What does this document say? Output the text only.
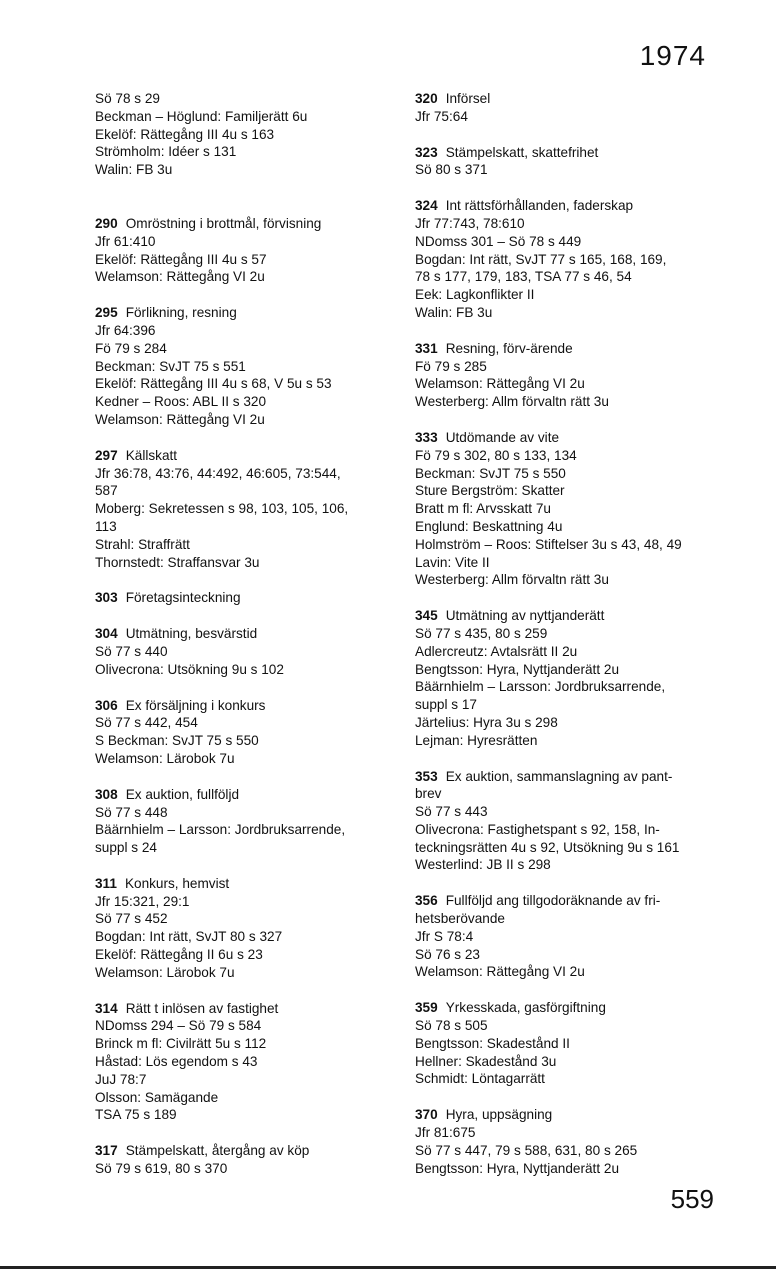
1974
Sö 78 s 29
Beckman – Höglund: Familjerätt 6u
Ekelöf: Rättegång III 4u s 163
Strömholm: Idéer s 131
Walin: FB 3u
290 Omröstning i brottmål, förvisning
Jfr 61:410
Ekelöf: Rättegång III 4u s 57
Welamson: Rättegång VI 2u
295 Förlikning, resning
Jfr 64:396
Fö 79 s 284
Beckman: SvJT 75 s 551
Ekelöf: Rättegång III 4u s 68, V 5u s 53
Kedner – Roos: ABL II s 320
Welamson: Rättegång VI 2u
297 Källskatt
Jfr 36:78, 43:76, 44:492, 46:605, 73:544,
587
Moberg: Sekretessen s 98, 103, 105, 106,
113
Strahl: Straffrätt
Thornstedt: Straffansvar 3u
303 Företagsinteckning
304 Utmätning, besvärstid
Sö 77 s 440
Olivecrona: Utsökning 9u s 102
306 Ex försäljning i konkurs
Sö 77 s 442, 454
S Beckman: SvJT 75 s 550
Welamson: Lärobok 7u
308 Ex auktion, fullföljd
Sö 77 s 448
Bäärnhielm – Larsson: Jordbruksarrende,
suppl s 24
311 Konkurs, hemvist
Jfr 15:321, 29:1
Sö 77 s 452
Bogdan: Int rätt, SvJT 80 s 327
Ekelöf: Rättegång II 6u s 23
Welamson: Lärobok 7u
314 Rätt t inlösen av fastighet
NDomss 294 – Sö 79 s 584
Brinck m fl: Civilrätt 5u s 112
Håstad: Lös egendom s 43
JuJ 78:7
Olsson: Samägande
TSA 75 s 189
317 Stämpelskatt, återgång av köp
Sö 79 s 619, 80 s 370
320 Införsel
Jfr 75:64
323 Stämpelskatt, skattefrihet
Sö 80 s 371
324 Int rättsförhållanden, faderskap
Jfr 77:743, 78:610
NDomss 301 – Sö 78 s 449
Bogdan: Int rätt, SvJT 77 s 165, 168, 169,
78 s 177, 179, 183, TSA 77 s 46, 54
Eek: Lagkonflikter II
Walin: FB 3u
331 Resning, förv-ärende
Fö 79 s 285
Welamson: Rättegång VI 2u
Westerberg: Allm förvaltn rätt 3u
333 Utdömande av vite
Fö 79 s 302, 80 s 133, 134
Beckman: SvJT 75 s 550
Sture Bergström: Skatter
Bratt m fl: Arvsskatt 7u
Englund: Beskattning 4u
Holmström – Roos: Stiftelser 3u s 43, 48, 49
Lavin: Vite II
Westerberg: Allm förvaltn rätt 3u
345 Utmätning av nyttjanderätt
Sö 77 s 435, 80 s 259
Adlercreutz: Avtalsrätt II 2u
Bengtsson: Hyra, Nyttjanderätt 2u
Bäärnhielm – Larsson: Jordbruksarrende,
suppl s 17
Järtelius: Hyra 3u s 298
Lejman: Hyresrätten
353 Ex auktion, sammanslagning av pant-
brev
Sö 77 s 443
Olivecrona: Fastighetspant s 92, 158, In-
teckningsrätten 4u s 92, Utsökning 9u s 161
Westerlind: JB II s 298
356 Fullföljd ang tillgodoräknande av fri-
hetsberövande
Jfr S 78:4
Sö 76 s 23
Welamson: Rättegång VI 2u
359 Yrkesskada, gasförgiftning
Sö 78 s 505
Bengtsson: Skadestånd II
Hellner: Skadestånd 3u
Schmidt: Löntagarrätt
370 Hyra, uppsägning
Jfr 81:675
Sö 77 s 447, 79 s 588, 631, 80 s 265
Bengtsson: Hyra, Nyttjanderätt 2u
559
